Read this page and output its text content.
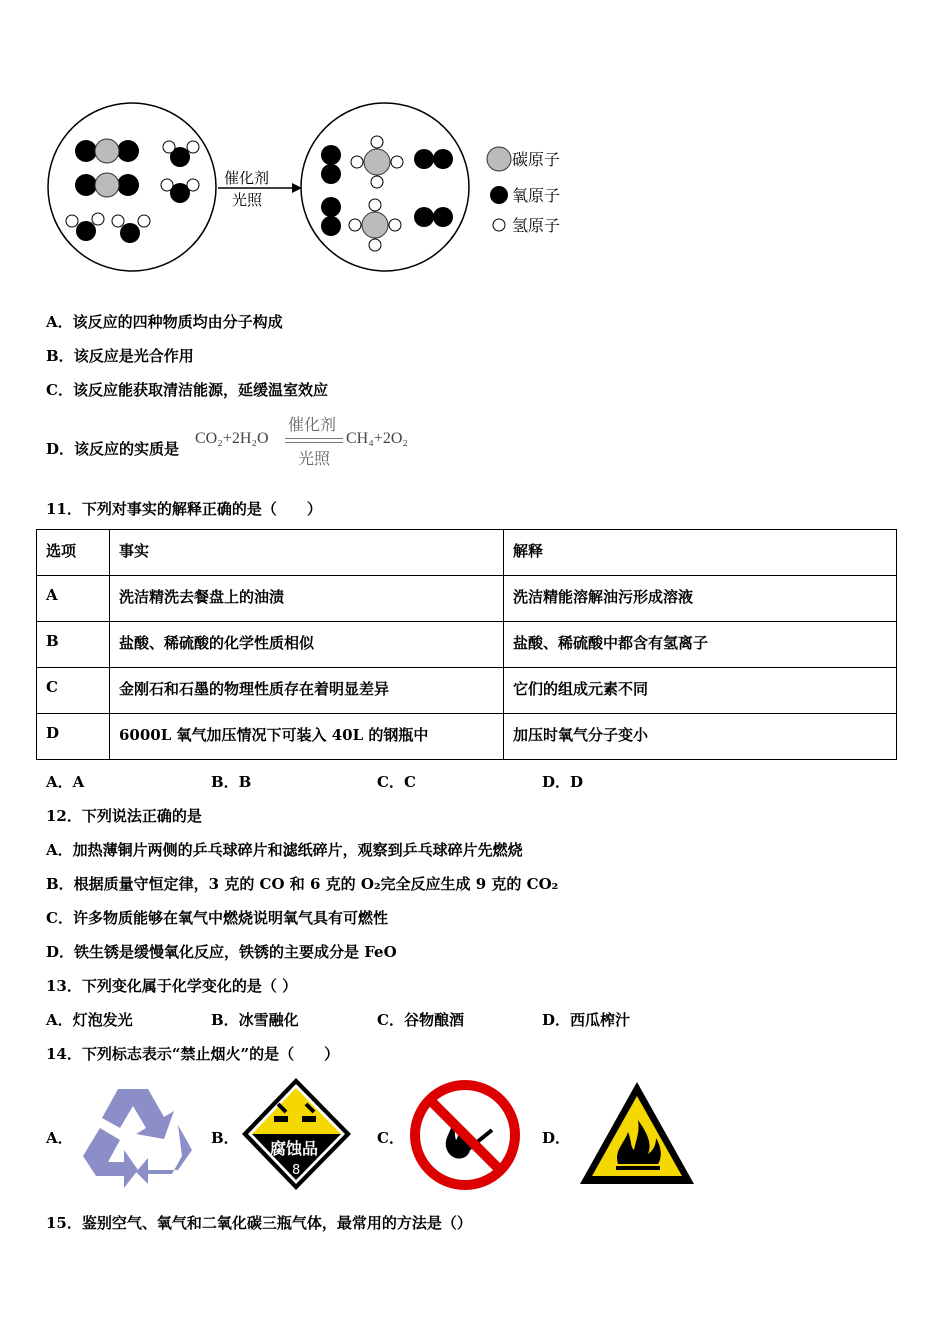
催化剂
光照
碳原子
氧原子
氢原子
A．该反应的四种物质均由分子构成
B．该反应是光合作用
C．该反应能获取清洁能源，延缓温室效应
D．该反应的实质是
CO₂+2H₂O
催化剂
光照
CH₄+2O₂
11．下列对事实的解释正确的是（　　）
选项	事实	解释
A	洗洁精洗去餐盘上的油渍	洗洁精能溶解油污形成溶液
B	盐酸、稀硫酸的化学性质相似	盐酸、稀硫酸中都含有氢离子
C	金刚石和石墨的物理性质存在着明显差异	它们的组成元素不同
D	6000L 氧气加压情况下可装入 40L 的钢瓶中	加压时氧气分子变小
A．A	B．B	C．C	D．D
12．下列说法正确的是
A．加热薄铜片两侧的乒乓球碎片和滤纸碎片，观察到乒乓球碎片先燃烧
B．根据质量守恒定律，3 克的 CO 和 6 克的 O₂完全反应生成 9 克的 CO₂
C．许多物质能够在氧气中燃烧说明氧气具有可燃性
D．铁生锈是缓慢氧化反应，铁锈的主要成分是 FeO
13．下列变化属于化学变化的是（ ）
A．灯泡发光	B．冰雪融化	C．谷物酿酒	D．西瓜榨汁
14．下列标志表示“禁止烟火”的是（　　）
A．	B．	C．	D．
腐蚀品
8
15．鉴别空气、氧气和二氧化碳三瓶气体，最常用的方法是（）
